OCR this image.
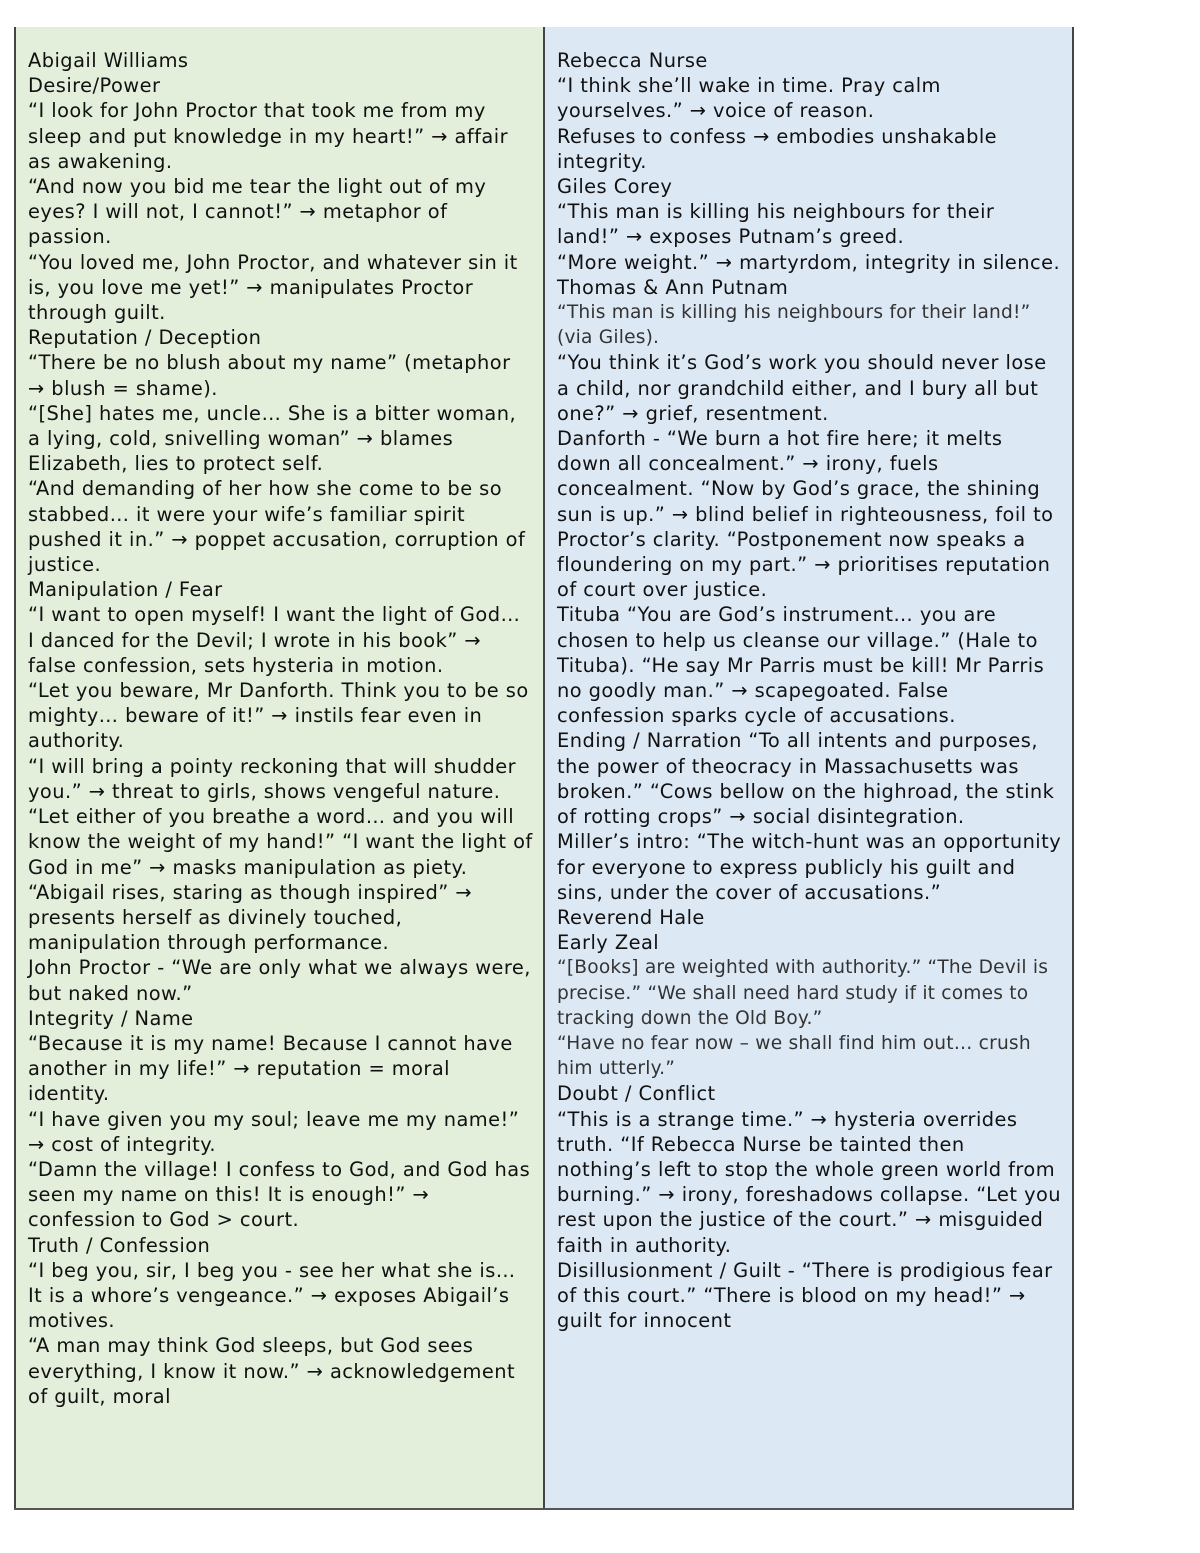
Abigail Williams

Desire/Power

“I look for John Proctor that took me from my sleep and put knowledge in my heart!” → affair as awakening.

“And now you bid me tear the light out of my eyes? I will not, I cannot!” → metaphor of passion.

“You loved me, John Proctor, and whatever sin it is, you love me yet!” → manipulates Proctor through guilt.

Reputation / Deception

“There be no blush about my name” (metaphor → blush = shame).

“[She] hates me, uncle… She is a bitter woman, a lying, cold, snivelling woman” → blames Elizabeth, lies to protect self.

“And demanding of her how she come to be so stabbed… it were your wife’s familiar spirit pushed it in.” → poppet accusation, corruption of justice.

Manipulation / Fear

“I want to open myself! I want the light of God… I danced for the Devil; I wrote in his book” → false confession, sets hysteria in motion.

“Let you beware, Mr Danforth. Think you to be so mighty… beware of it!” → instils fear even in authority.

“I will bring a pointy reckoning that will shudder you.” → threat to girls, shows vengeful nature. “Let either of you breathe a word… and you will know the weight of my hand!” “I want the light of God in me” → masks manipulation as piety.

“Abigail rises, staring as though inspired” → presents herself as divinely touched, manipulation through performance.

John Proctor - “We are only what we always were, but naked now.”

Integrity / Name

“Because it is my name! Because I cannot have another in my life!” → reputation = moral identity.

“I have given you my soul; leave me my name!” → cost of integrity.

“Damn the village! I confess to God, and God has seen my name on this! It is enough!” → confession to God > court.

Truth / Confession

“I beg you, sir, I beg you - see her what she is… It is a whore’s vengeance.” → exposes Abigail’s motives.

“A man may think God sleeps, but God sees everything, I know it now.” → acknowledgement of guilt, moral

Rebecca Nurse

“I think she’ll wake in time. Pray calm yourselves.” → voice of reason.

Refuses to confess → embodies unshakable integrity.

Giles Corey

“This man is killing his neighbours for their land!” → exposes Putnam’s greed.

“More weight.” → martyrdom, integrity in silence.

Thomas & Ann Putnam

“This man is killing his neighbours for their land!” (via Giles).

“You think it’s God’s work you should never lose a child, nor grandchild either, and I bury all but one?” → grief, resentment.

Danforth - “We burn a hot fire here; it melts down all concealment.” → irony, fuels concealment. “Now by God’s grace, the shining sun is up.” → blind belief in righteousness, foil to Proctor’s clarity. “Postponement now speaks a floundering on my part.” → prioritises reputation of court over justice.

Tituba “You are God’s instrument… you are chosen to help us cleanse our village.” (Hale to Tituba). “He say Mr Parris must be kill! Mr Parris no goodly man.” → scapegoated. False confession sparks cycle of accusations.

Ending / Narration “To all intents and purposes, the power of theocracy in Massachusetts was broken.” “Cows bellow on the highroad, the stink of rotting crops” → social disintegration.

Miller’s intro: “The witch-hunt was an opportunity for everyone to express publicly his guilt and sins, under the cover of accusations.”

Reverend Hale

Early Zeal

“[Books] are weighted with authority.” “The Devil is precise.” “We shall need hard study if it comes to tracking down the Old Boy.”

“Have no fear now – we shall find him out… crush him utterly.”

Doubt / Conflict

“This is a strange time.” → hysteria overrides truth. “If Rebecca Nurse be tainted then nothing’s left to stop the whole green world from burning.” → irony, foreshadows collapse. “Let you rest upon the justice of the court.” → misguided faith in authority.

Disillusionment / Guilt - “There is prodigious fear of this court.” “There is blood on my head!” → guilt for innocent
